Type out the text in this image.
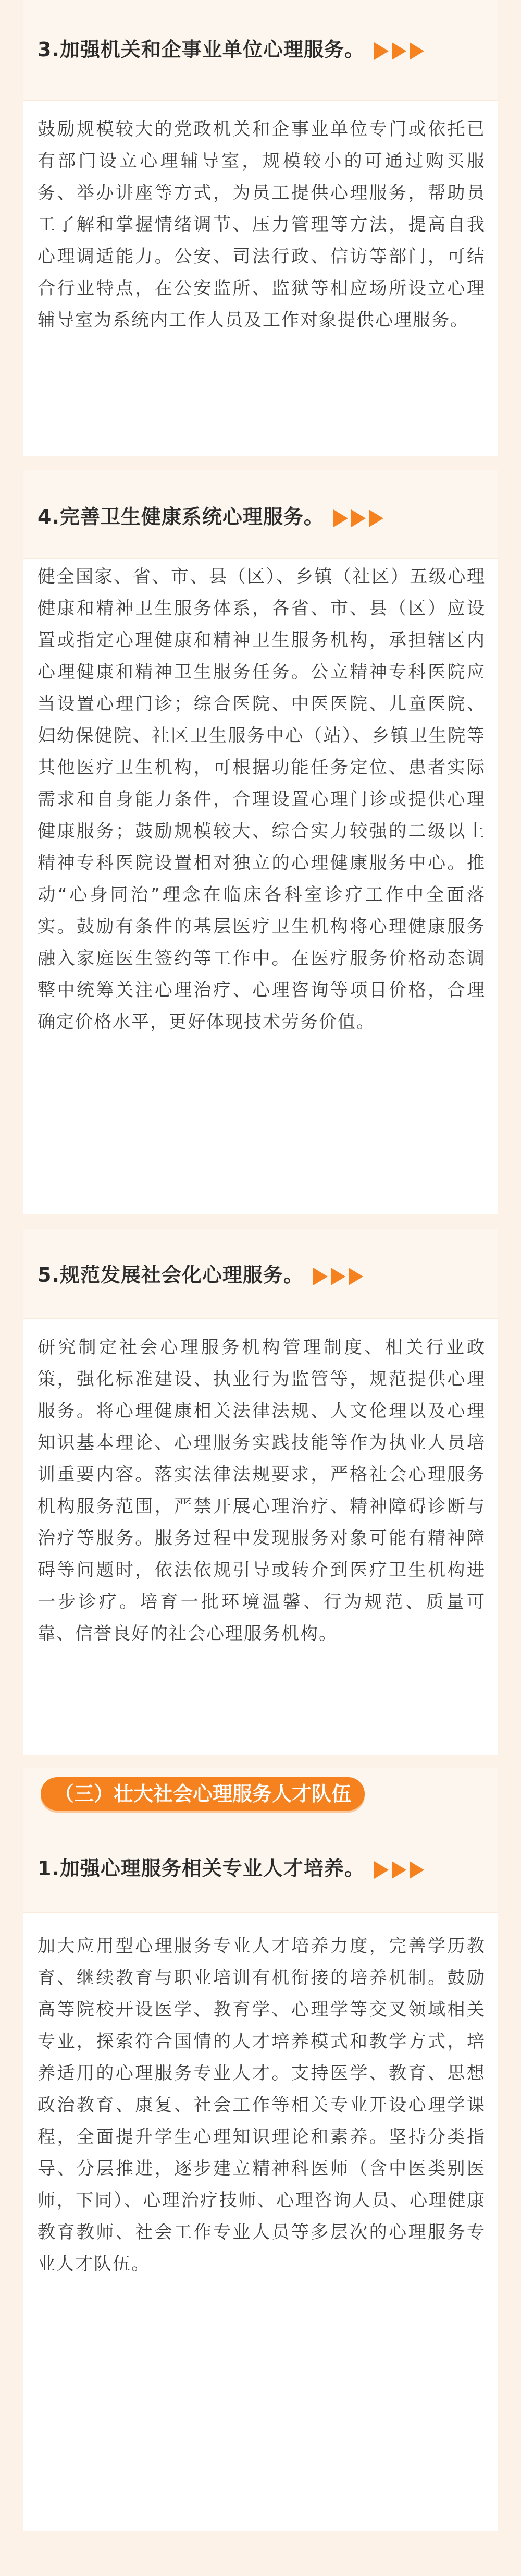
3.加强机关和企事业单位心理服务。
鼓励规模较大的党政机关和企事业单位专门或依托已有部门设立心理辅导室，规模较小的可通过购买服务、举办讲座等方式，为员工提供心理服务，帮助员工了解和掌握情绪调节、压力管理等方法，提高自我心理调适能力。公安、司法行政、信访等部门，可结合行业特点，在公安监所、监狱等相应场所设立心理辅导室为系统内工作人员及工作对象提供心理服务。
4.完善卫生健康系统心理服务。
健全国家、省、市、县（区）、乡镇（社区）五级心理健康和精神卫生服务体系，各省、市、县（区）应设置或指定心理健康和精神卫生服务机构，承担辖区内心理健康和精神卫生服务任务。公立精神专科医院应当设置心理门诊；综合医院、中医医院、儿童医院、妇幼保健院、社区卫生服务中心（站）、乡镇卫生院等其他医疗卫生机构，可根据功能任务定位、患者实际需求和自身能力条件，合理设置心理门诊或提供心理健康服务；鼓励规模较大、综合实力较强的二级以上精神专科医院设置相对独立的心理健康服务中心。推动“心身同治”理念在临床各科室诊疗工作中全面落实。鼓励有条件的基层医疗卫生机构将心理健康服务融入家庭医生签约等工作中。在医疗服务价格动态调整中统筹关注心理治疗、心理咨询等项目价格，合理确定价格水平，更好体现技术劳务价值。
5.规范发展社会化心理服务。
研究制定社会心理服务机构管理制度、相关行业政策，强化标准建设、执业行为监管等，规范提供心理服务。将心理健康相关法律法规、人文伦理以及心理知识基本理论、心理服务实践技能等作为执业人员培训重要内容。落实法律法规要求，严格社会心理服务机构服务范围，严禁开展心理治疗、精神障碍诊断与治疗等服务。服务过程中发现服务对象可能有精神障碍等问题时，依法依规引导或转介到医疗卫生机构进一步诊疗。培育一批环境温馨、行为规范、质量可靠、信誉良好的社会心理服务机构。
（三）壮大社会心理服务人才队伍
1.加强心理服务相关专业人才培养。
加大应用型心理服务专业人才培养力度，完善学历教育、继续教育与职业培训有机衔接的培养机制。鼓励高等院校开设医学、教育学、心理学等交叉领域相关专业，探索符合国情的人才培养模式和教学方式，培养适用的心理服务专业人才。支持医学、教育、思想政治教育、康复、社会工作等相关专业开设心理学课程，全面提升学生心理知识理论和素养。坚持分类指导、分层推进，逐步建立精神科医师（含中医类别医师，下同）、心理治疗技师、心理咨询人员、心理健康教育教师、社会工作专业人员等多层次的心理服务专业人才队伍。
